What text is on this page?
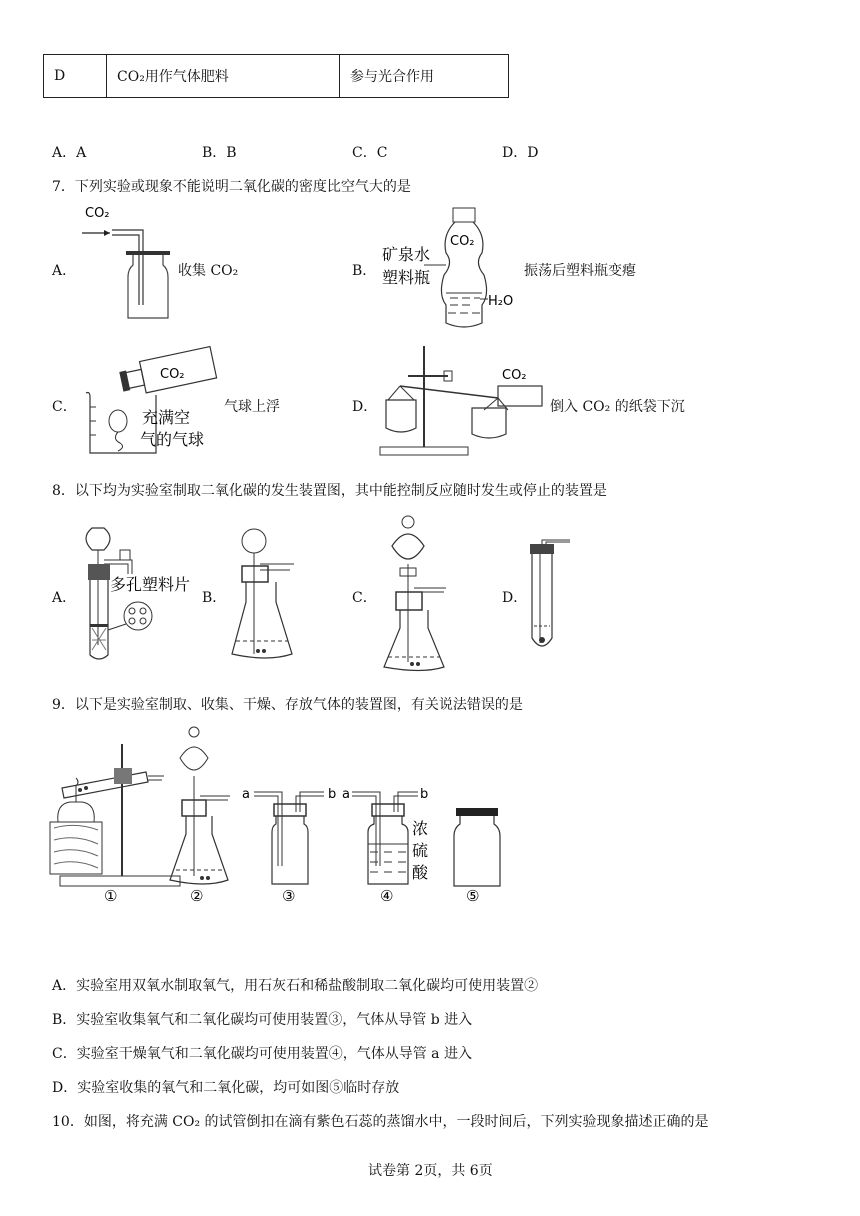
D	CO₂用作气体肥料	参与光合作用
A．A	B．B	C．C	D．D
7．下列实验或现象不能说明二氧化碳的密度比空气大的是
A．
CO₂
收集 CO₂	B．
CO₂
矿泉水
塑料瓶
H₂O
振荡后塑料瓶变瘪
C．
CO₂
充满空
气的气球
气球上浮	D．
CO₂
倒入 CO₂ 的纸袋下沉
8．以下均为实验室制取二氧化碳的发生装置图，其中能控制反应随时发生或停止的装置是
A．
多孔塑料片
B．	C．	D．
9．以下是实验室制取、收集、干燥、存放气体的装置图，有关说法错误的是
①	②
a	b
③
a	b
浓
硫
酸
④	⑤
A．实验室用双氧水制取氧气，用石灰石和稀盐酸制取二氧化碳均可使用装置②
B．实验室收集氧气和二氧化碳均可使用装置③，气体从导管 b 进入
C．实验室干燥氧气和二氧化碳均可使用装置④，气体从导管 a 进入
D．实验室收集的氧气和二氧化碳，均可如图⑤临时存放
10．如图，将充满 CO₂ 的试管倒扣在滴有紫色石蕊的蒸馏水中，一段时间后，下列实验现象描述正确的是
试卷第 2页，共 6页
